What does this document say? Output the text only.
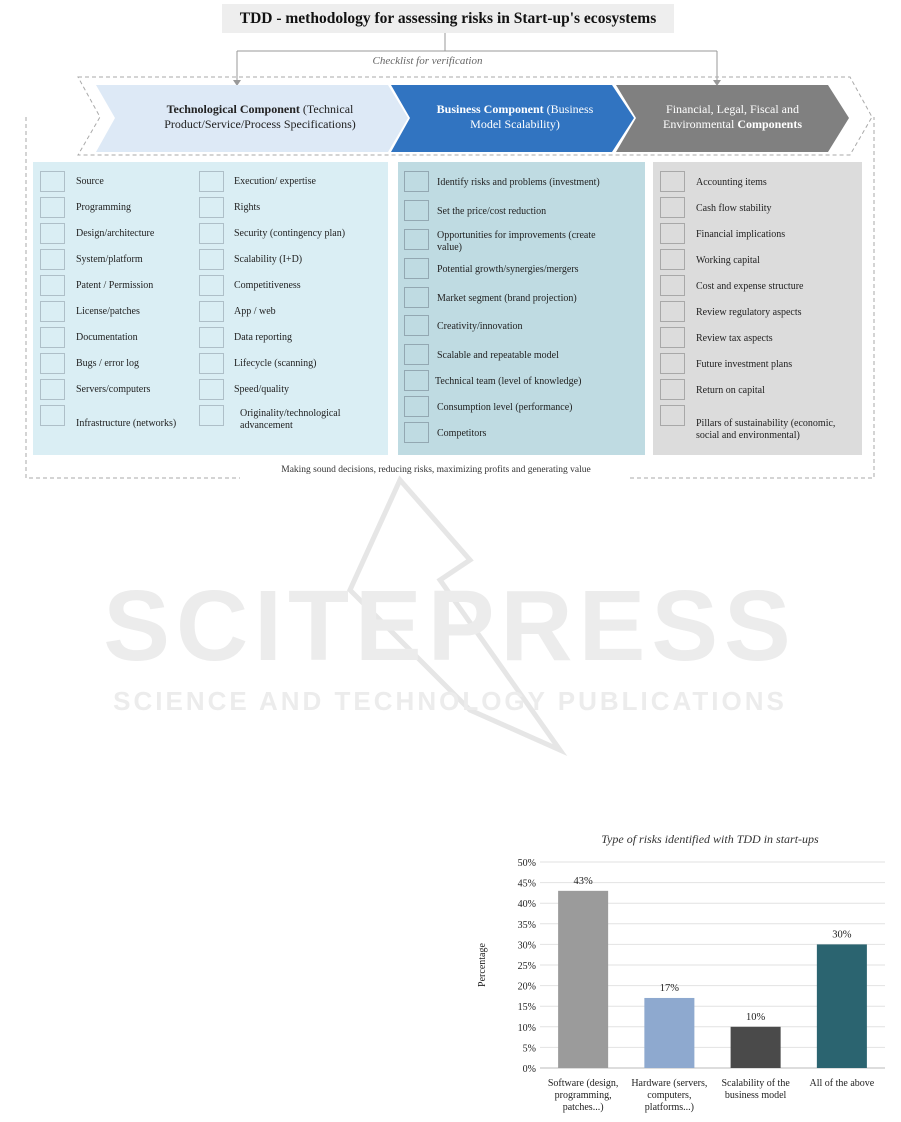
TDD - methodology for assessing risks in Start-up's ecosystems
Checklist for verification
Technological Component (Technical Product/Service/Process Specifications)
Business Component (Business Model Scalability)
Financial, Legal, Fiscal and Environmental Components
Source
Programming
Design/architecture
System/platform
Patent / Permission
License/patches
Documentation
Bugs / error log
Servers/computers
Infrastructure (networks)
Execution/ expertise
Rights
Security (contingency plan)
Scalability (I+D)
Competitiveness
App / web
Data reporting
Lifecycle (scanning)
Speed/quality
Originality/technological advancement
Identify risks and problems (investment)
Set the price/cost reduction
Opportunities for improvements (create value)
Potential growth/synergies/mergers
Market segment (brand projection)
Creativity/innovation
Scalable and repeatable model
Technical team (level of knowledge)
Consumption level (performance)
Competitors
Accounting items
Cash flow stability
Financial implications
Working capital
Cost and expense structure
Review regulatory aspects
Review tax aspects
Future investment plans
Return on capital
Pillars of sustainability (economic, social and environmental)
Making sound decisions, reducing risks, maximizing profits and generating value
SCITEPRESS
SCIENCE AND TECHNOLOGY PUBLICATIONS
Type of risks identified with TDD in start-ups
0%
5%
10%
15%
20%
25%
30%
35%
40%
45%
50%
Percentage
43%
Software (design,
programming,
patches...)
17%
Hardware (servers,
computers,
platforms...)
10%
Scalability of the
business model
30%
All of the above
